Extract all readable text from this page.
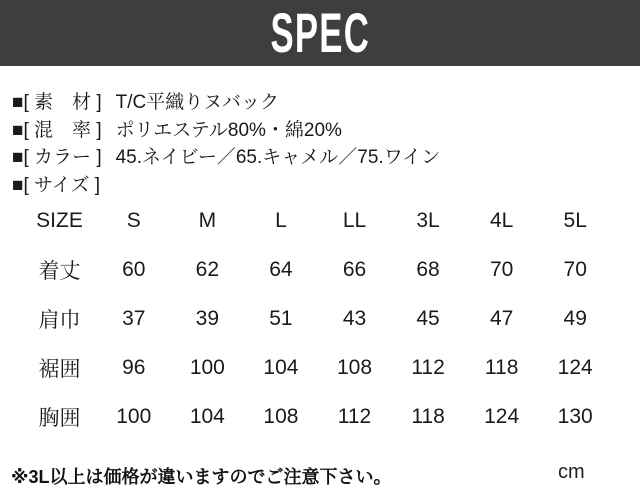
SPEC
■[ 素　材 ] T/C平織りヌバック
■[ 混　率 ] ポリエステル80%・綿20%
■[ カラー ] 45.ネイビー／65.キャメル／75.ワイン
■[ サイズ ]
SIZE	S	M	L	LL	3L	4L	5L
着丈	60	62	64	66	68	70	70
肩巾	37	39	51	43	45	47	49
裾囲	96	100	104	108	112	118	124
胸囲	100	104	108	112	118	124	130
※3L以上は価格が違いますのでご注意下さい。	cm
